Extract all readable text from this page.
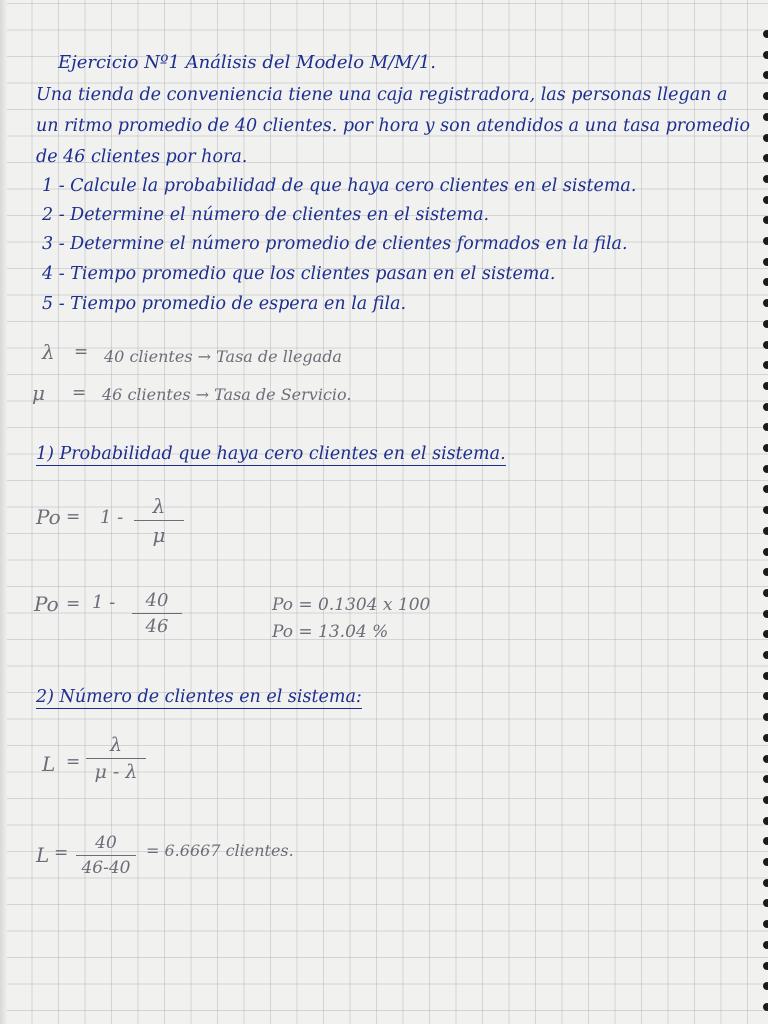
Ejercicio Nº1 Análisis del Modelo M/M/1.
Una tienda de conveniencia tiene una caja registradora, las personas llegan a
un ritmo promedio de 40 clientes. por hora y son atendidos a una tasa promedio
de 46 clientes por hora.
1 - Calcule la probabilidad de que haya cero clientes en el sistema.
2 - Determine el número de clientes en el sistema.
3 - Determine el número promedio de clientes formados en la fila.
4 - Tiempo promedio que los clientes pasan en el sistema.
5 - Tiempo promedio de espera en la fila.
λ = 40 clientes → Tasa de llegada
μ = 46 clientes → Tasa de Servicio.
1) Probabilidad que haya cero clientes en el sistema.
Po = 1 -	λ
μ
Po = 1 -	40
46
Po = 0.1304 x 100
Po = 13.04 %
2) Número de clientes en el sistema:
L =
λ
μ - λ
L =	40
46-40
= 6.6667 clientes.
